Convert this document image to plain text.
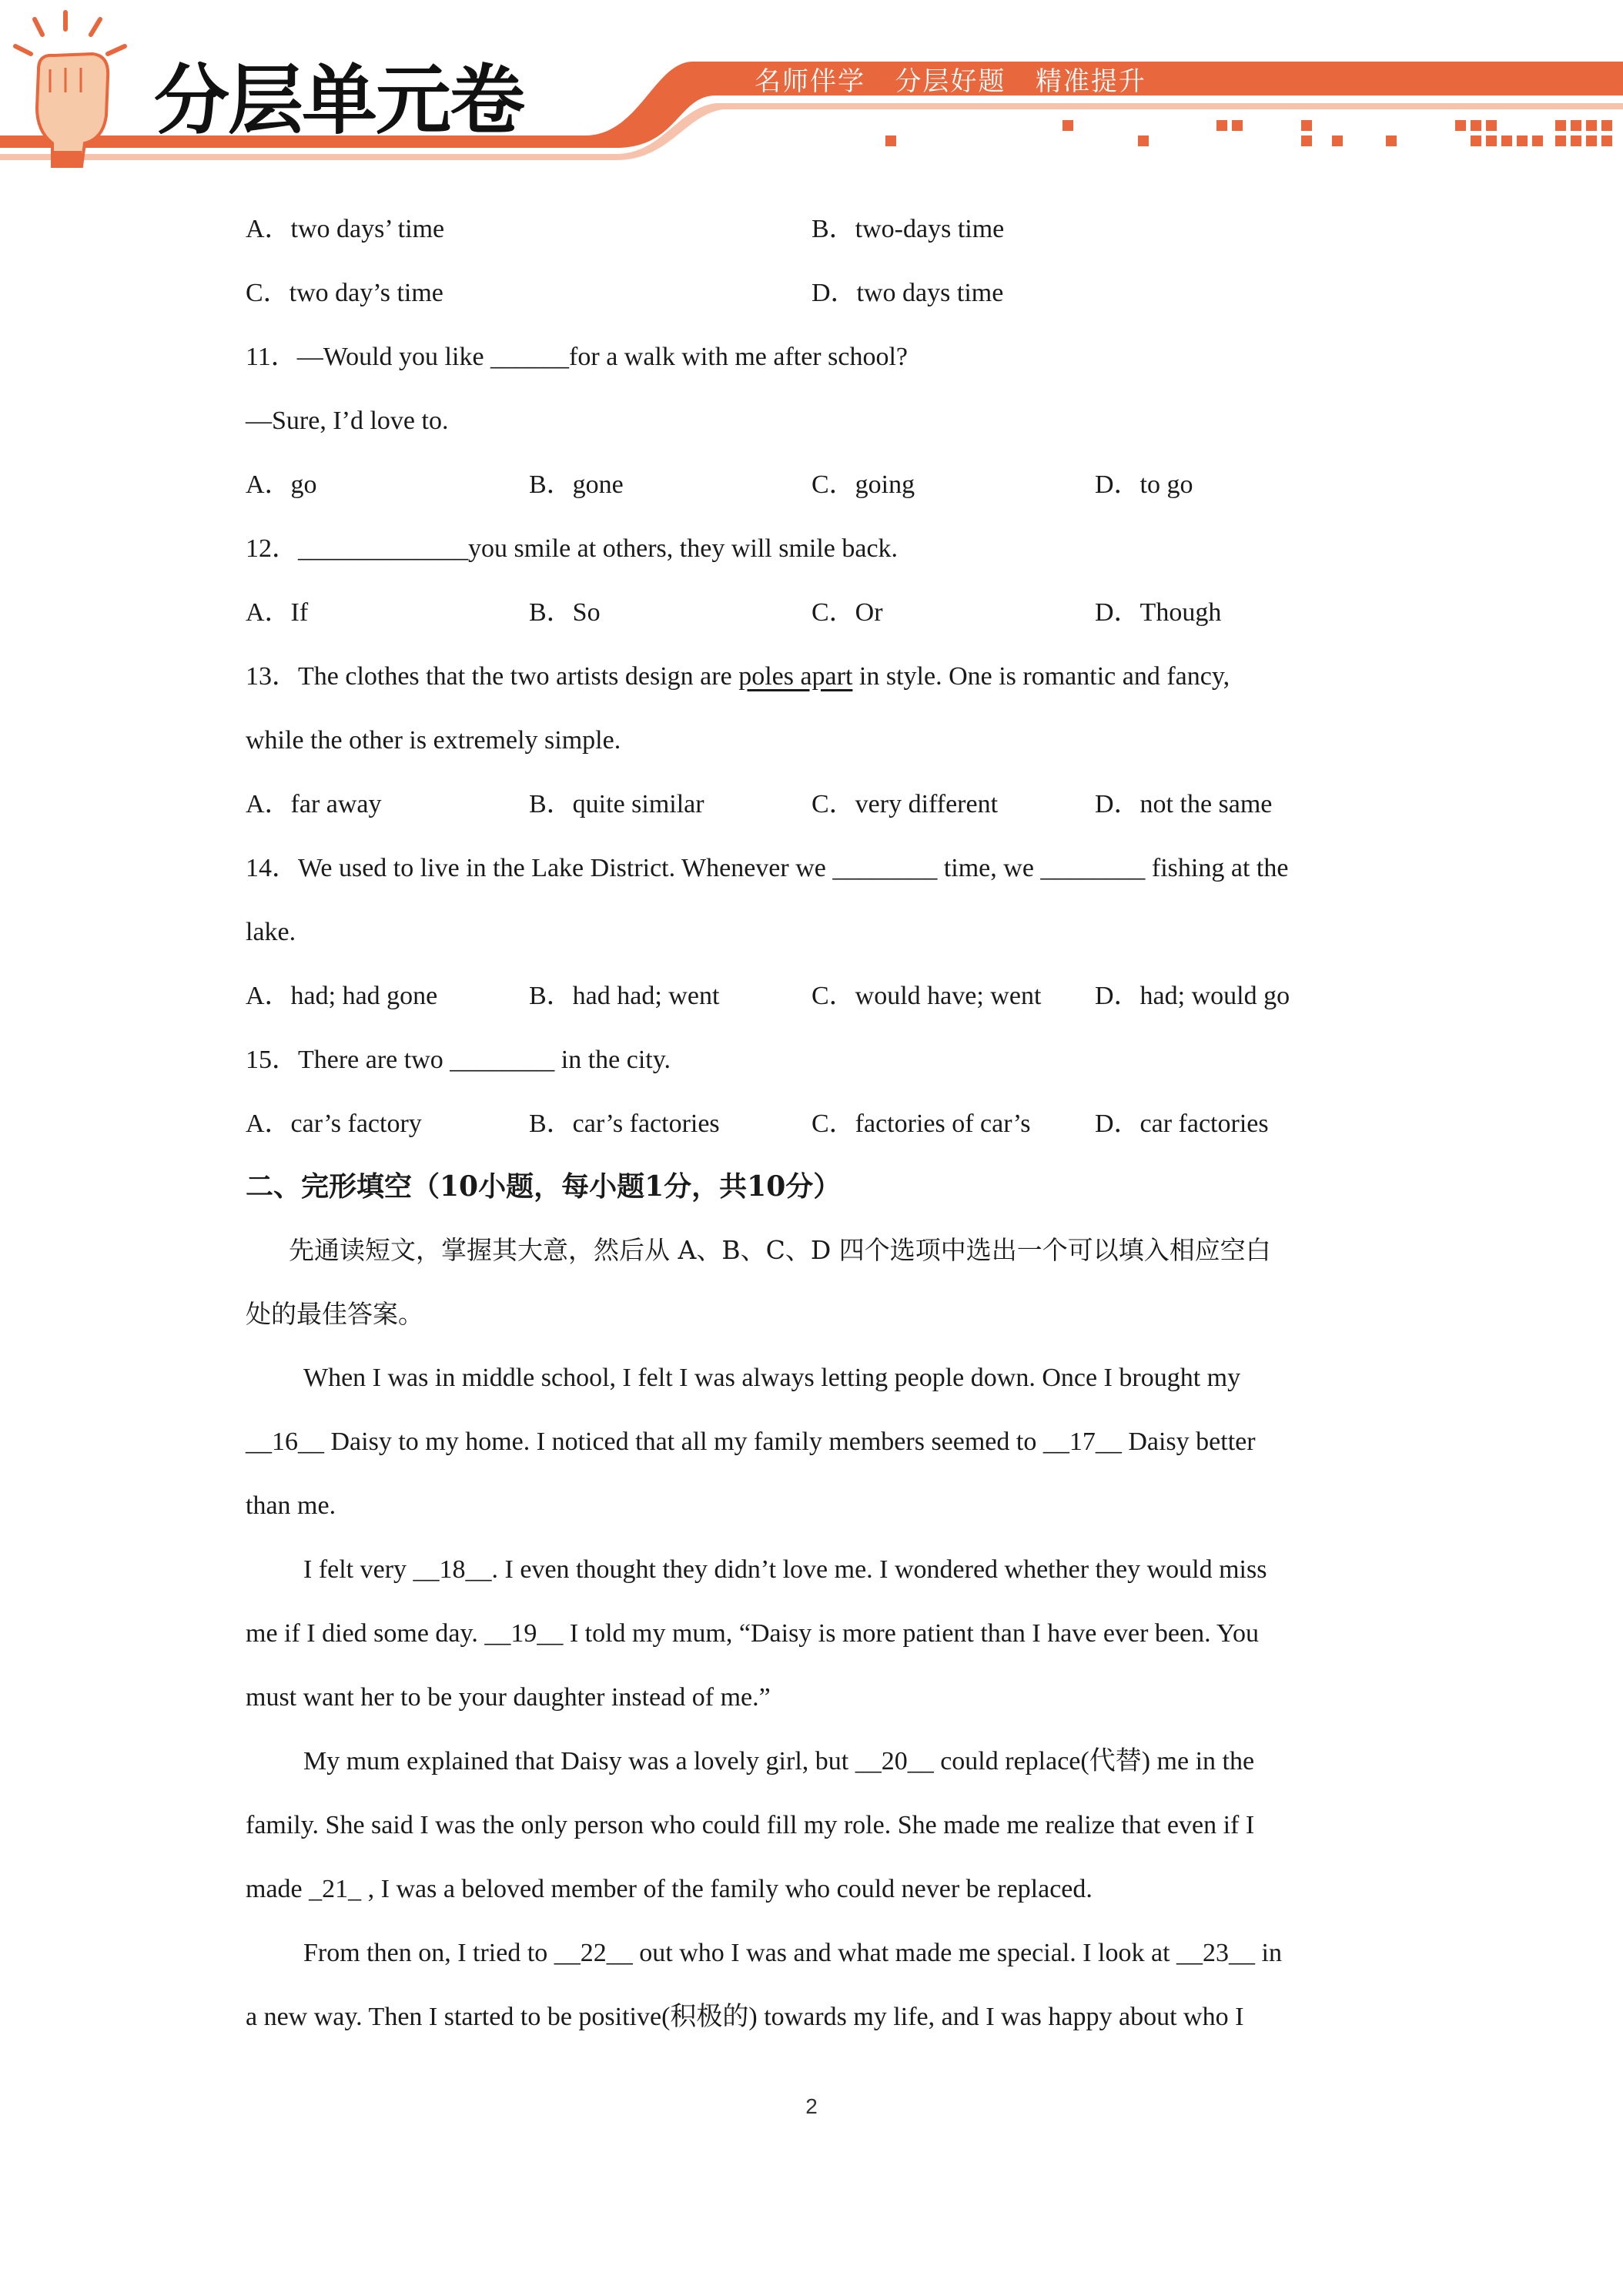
分层单元卷	名师伴学   分层好题   精准提升
A．two days’ time	B．two-days time
C．two day’s time	D．two days time
11．—Would you like ______for a walk with me after school?
—Sure, I’d love to.
A．go	B．gone	C．going	D．to go
12．_____________you smile at others, they will smile back.
A．If	B．So	C．Or	D．Though
13．The clothes that the two artists design are poles apart in style. One is romantic and fancy,
while the other is extremely simple.
A．far away	B．quite similar	C．very different	D．not the same
14．We used to live in the Lake District. Whenever we ________ time, we ________ fishing at the
lake.
A．had; had gone	B．had had; went	C．would have; went D．had; would go
15．There are two ________ in the city.
A．car’s factory	B．car’s factories	C．factories of car’s D．car factories
二、完形填空（10小题，每小题1分，共10分）
先通读短文，掌握其大意，然后从 A、B、C、D 四个选项中选出一个可以填入相应空白
处的最佳答案。
When I was in middle school, I felt I was always letting people down. Once I brought my
__16__ Daisy to my home. I noticed that all my family members seemed to __17__ Daisy better
than me.
I felt very __18__. I even thought they didn’t love me. I wondered whether they would miss
me if I died some day. __19__ I told my mum, “Daisy is more patient than I have ever been. You
must want her to be your daughter instead of me.”
My mum explained that Daisy was a lovely girl, but __20__ could replace(代替) me in the
family. She said I was the only person who could fill my role. She made me realize that even if I
made _21_ , I was a beloved member of the family who could never be replaced.
From then on, I tried to __22__ out who I was and what made me special. I look at __23__ in
a new way. Then I started to be positive(积极的) towards my life, and I was happy about who I
2
